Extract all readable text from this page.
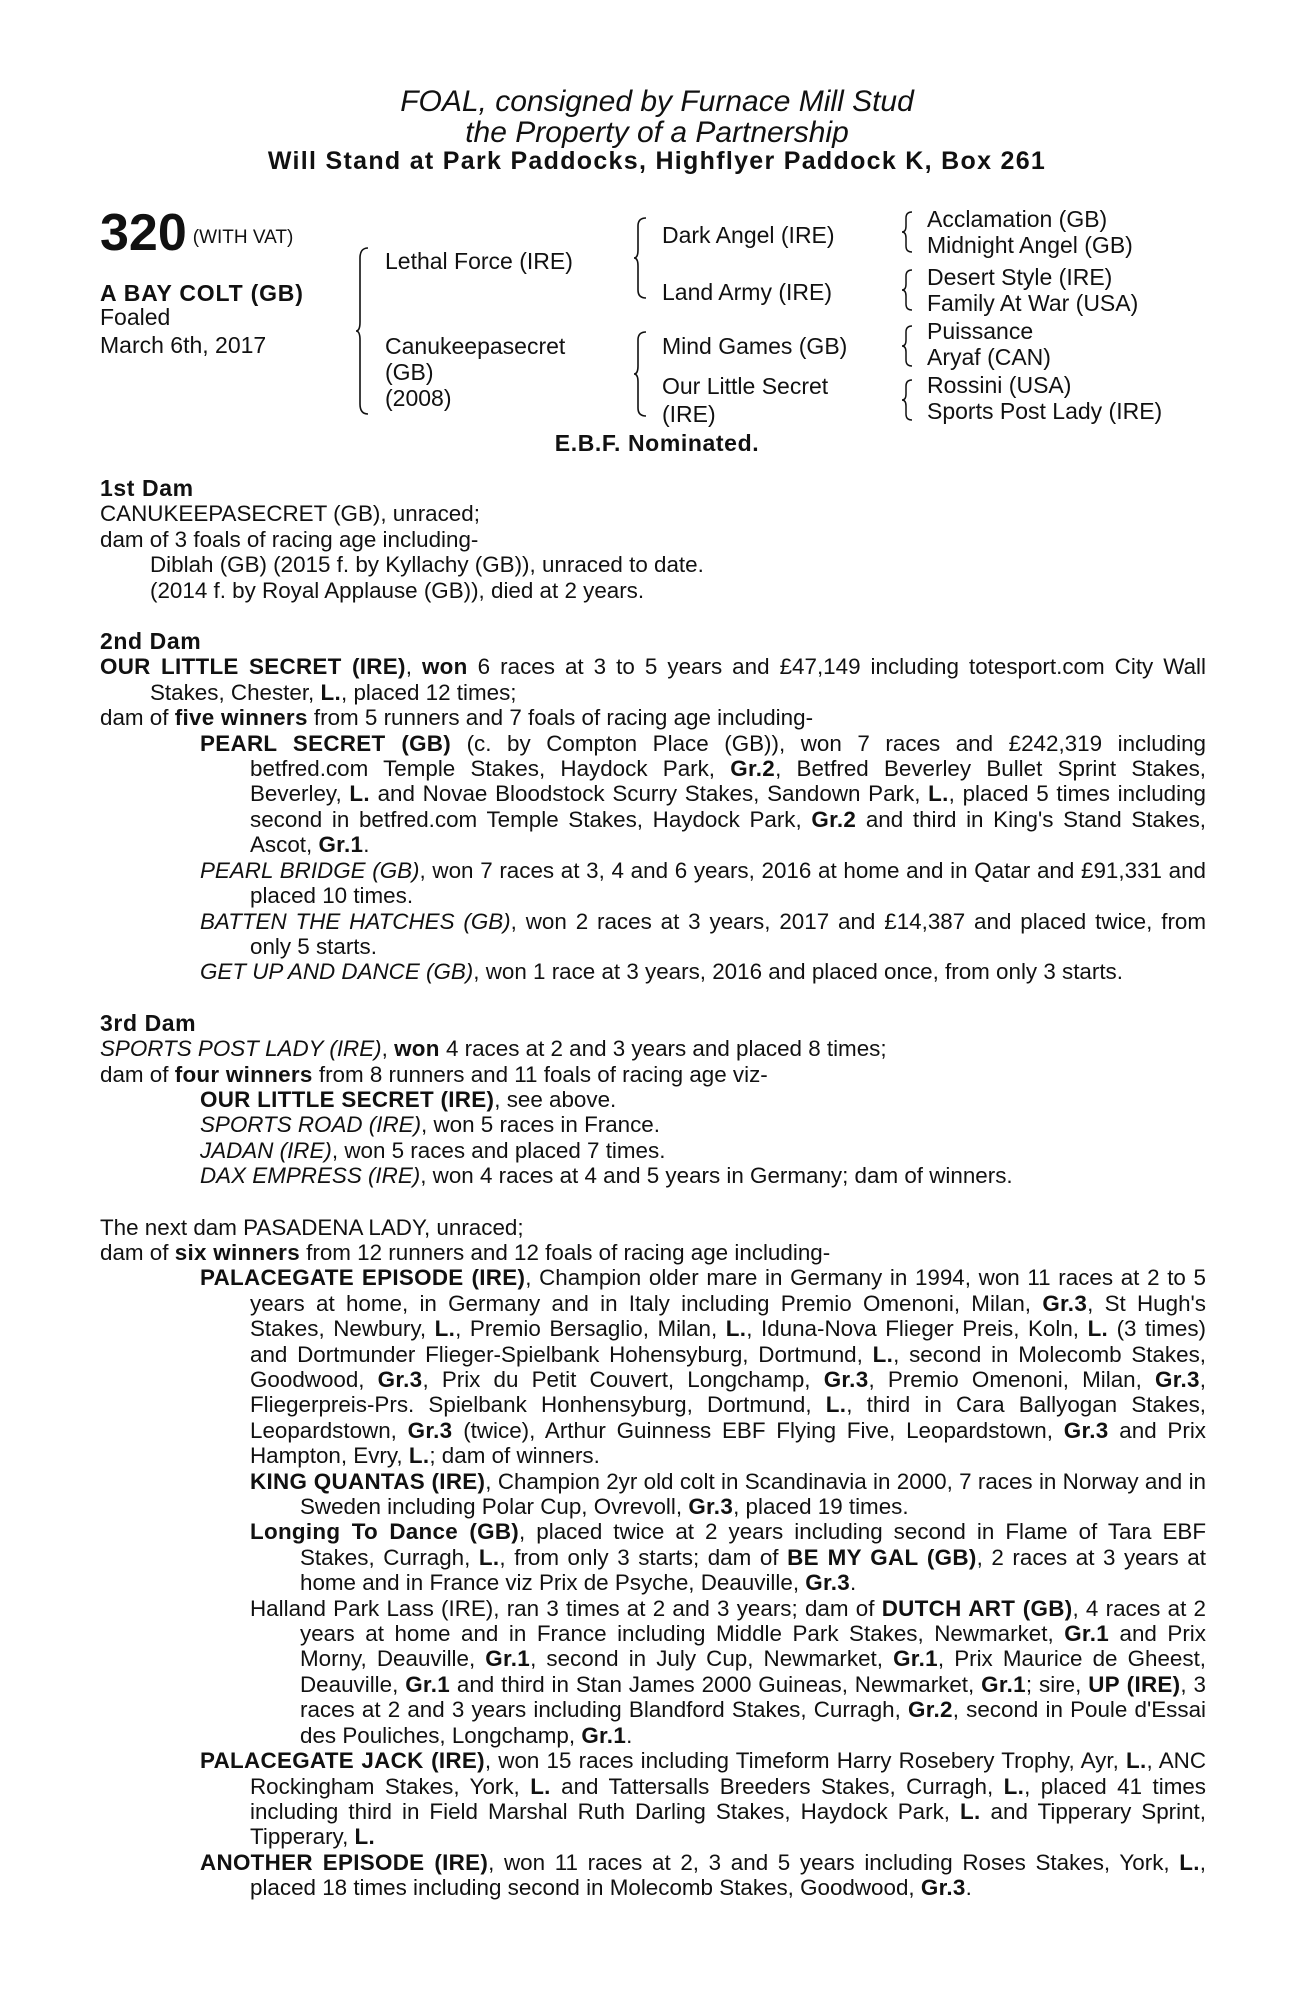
FOAL, consigned by Furnace Mill Stud
the Property of a Partnership
Will Stand at Park Paddocks, Highflyer Paddock K, Box 261
320 (WITH VAT)
A BAY COLT (GB)
Foaled
March 6th, 2017
Lethal Force (IRE)
Canukeepasecret
(GB)
(2008)
Dark Angel (IRE)
Land Army (IRE)
Mind Games (GB)
Our Little Secret
(IRE)
Acclamation (GB)
Midnight Angel (GB)
Desert Style (IRE)
Family At War (USA)
Puissance
Aryaf (CAN)
Rossini (USA)
Sports Post Lady (IRE)
E.B.F. Nominated.
1st Dam
CANUKEEPASECRET (GB), unraced;
dam of 3 foals of racing age including-
Diblah (GB) (2015 f. by Kyllachy (GB)), unraced to date.
(2014 f. by Royal Applause (GB)), died at 2 years.
2nd Dam
OUR LITTLE SECRET (IRE), won 6 races at 3 to 5 years and £47,149 including totesport.com City Wall Stakes, Chester, L., placed 12 times;
dam of five winners from 5 runners and 7 foals of racing age including-
PEARL SECRET (GB) (c. by Compton Place (GB)), won 7 races and £242,319 including betfred.com Temple Stakes, Haydock Park, Gr.2, Betfred Beverley Bullet Sprint Stakes, Beverley, L. and Novae Bloodstock Scurry Stakes, Sandown Park, L., placed 5 times including second in betfred.com Temple Stakes, Haydock Park, Gr.2 and third in King's Stand Stakes, Ascot, Gr.1.
PEARL BRIDGE (GB), won 7 races at 3, 4 and 6 years, 2016 at home and in Qatar and £91,331 and placed 10 times.
BATTEN THE HATCHES (GB), won 2 races at 3 years, 2017 and £14,387 and placed twice, from only 5 starts.
GET UP AND DANCE (GB), won 1 race at 3 years, 2016 and placed once, from only 3 starts.
3rd Dam
SPORTS POST LADY (IRE), won 4 races at 2 and 3 years and placed 8 times;
dam of four winners from 8 runners and 11 foals of racing age viz-
OUR LITTLE SECRET (IRE), see above.
SPORTS ROAD (IRE), won 5 races in France.
JADAN (IRE), won 5 races and placed 7 times.
DAX EMPRESS (IRE), won 4 races at 4 and 5 years in Germany; dam of winners.
The next dam PASADENA LADY, unraced;
dam of six winners from 12 runners and 12 foals of racing age including-
PALACEGATE EPISODE (IRE), Champion older mare in Germany in 1994, won 11 races at 2 to 5 years at home, in Germany and in Italy including Premio Omenoni, Milan, Gr.3, St Hugh's Stakes, Newbury, L., Premio Bersaglio, Milan, L., Iduna-Nova Flieger Preis, Koln, L. (3 times) and Dortmunder Flieger-Spielbank Hohensyburg, Dortmund, L., second in Molecomb Stakes, Goodwood, Gr.3, Prix du Petit Couvert, Longchamp, Gr.3, Premio Omenoni, Milan, Gr.3, Fliegerpreis-Prs. Spielbank Honhensyburg, Dortmund, L., third in Cara Ballyogan Stakes, Leopardstown, Gr.3 (twice), Arthur Guinness EBF Flying Five, Leopardstown, Gr.3 and Prix Hampton, Evry, L.; dam of winners.
KING QUANTAS (IRE), Champion 2yr old colt in Scandinavia in 2000, 7 races in Norway and in Sweden including Polar Cup, Ovrevoll, Gr.3, placed 19 times.
Longing To Dance (GB), placed twice at 2 years including second in Flame of Tara EBF Stakes, Curragh, L., from only 3 starts; dam of BE MY GAL (GB), 2 races at 3 years at home and in France viz Prix de Psyche, Deauville, Gr.3.
Halland Park Lass (IRE), ran 3 times at 2 and 3 years; dam of DUTCH ART (GB), 4 races at 2 years at home and in France including Middle Park Stakes, Newmarket, Gr.1 and Prix Morny, Deauville, Gr.1, second in July Cup, Newmarket, Gr.1, Prix Maurice de Gheest, Deauville, Gr.1 and third in Stan James 2000 Guineas, Newmarket, Gr.1; sire, UP (IRE), 3 races at 2 and 3 years including Blandford Stakes, Curragh, Gr.2, second in Poule d'Essai des Pouliches, Longchamp, Gr.1.
PALACEGATE JACK (IRE), won 15 races including Timeform Harry Rosebery Trophy, Ayr, L., ANC Rockingham Stakes, York, L. and Tattersalls Breeders Stakes, Curragh, L., placed 41 times including third in Field Marshal Ruth Darling Stakes, Haydock Park, L. and Tipperary Sprint, Tipperary, L.
ANOTHER EPISODE (IRE), won 11 races at 2, 3 and 5 years including Roses Stakes, York, L., placed 18 times including second in Molecomb Stakes, Goodwood, Gr.3.
